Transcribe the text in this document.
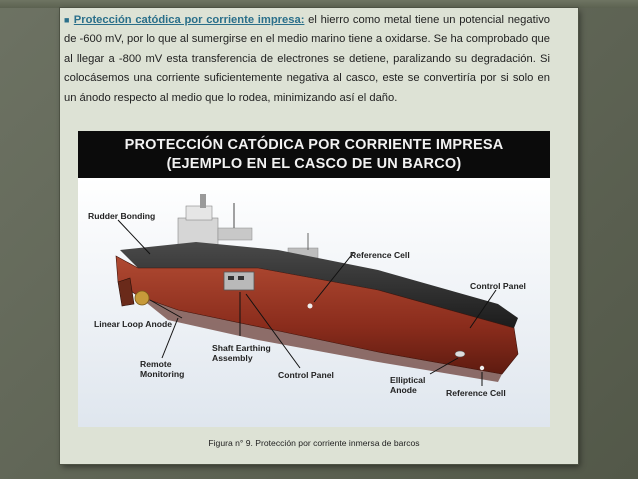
■ Protección catódica por corriente impresa: el hierro como metal tiene un potencial negativo de -600 mV, por lo que al sumergirse en el medio marino tiene a oxidarse. Se ha comprobado que al llegar a -800 mV esta transferencia de electrones se detiene, paralizando su degradación. Si colocásemos una corriente suficientemente negativa al casco, este se convertiría por si solo en un ánodo respecto al medio que lo rodea, minimizando así el daño.
PROTECCIÓN CATÓDICA POR CORRIENTE IMPRESA
(EJEMPLO EN EL CASCO DE UN BARCO)
Rudder Bonding
Reference Cell
Control Panel
Linear Loop Anode
Shaft Earthing
Assembly
Remote
Monitoring	Control Panel	Elliptical
Anode	Reference Cell
Figura n° 9. Protección por corriente inmersa de barcos
